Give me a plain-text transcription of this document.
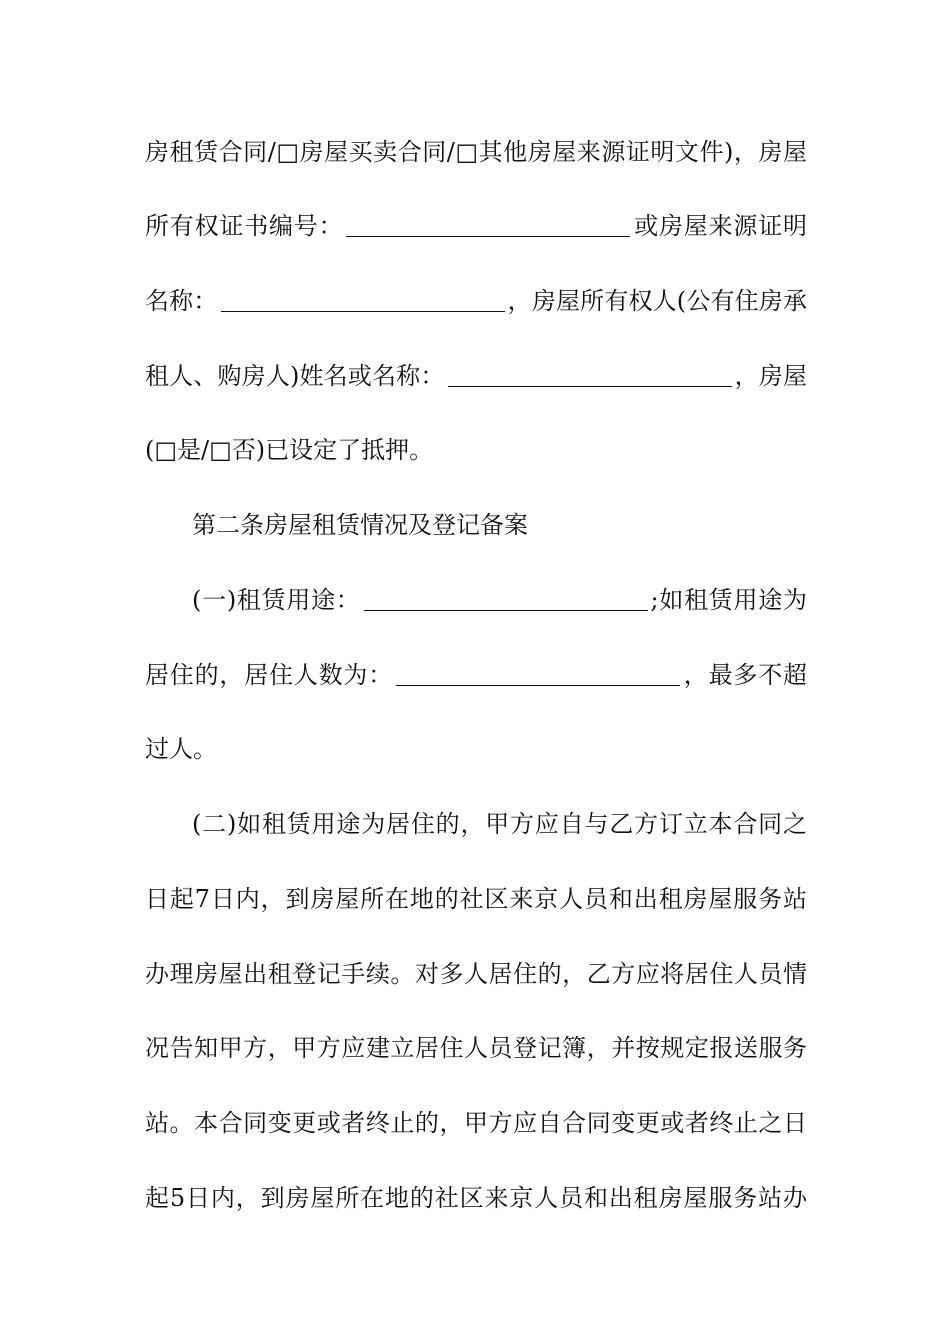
房租赁合同/□房屋买卖合同/□其他房屋来源证明文件)，房屋
所有权证书编号：	或房屋来源证明
名称：	，房屋所有权人(公有住房承
租人、购房人)姓名或名称：	，房屋
(□是/□否)已设定了抵押。
第二条房屋租赁情况及登记备案
(一)租赁用途：	;如租赁用途为
居住的，居住人数为：	，最多不超
过人。
(二)如租赁用途为居住的，甲方应自与乙方订立本合同之
日起7日内，到房屋所在地的社区来京人员和出租房屋服务站
办理房屋出租登记手续。对多人居住的，乙方应将居住人员情
况告知甲方，甲方应建立居住人员登记簿，并按规定报送服务
站。本合同变更或者终止的，甲方应自合同变更或者终止之日
起5日内，到房屋所在地的社区来京人员和出租房屋服务站办
